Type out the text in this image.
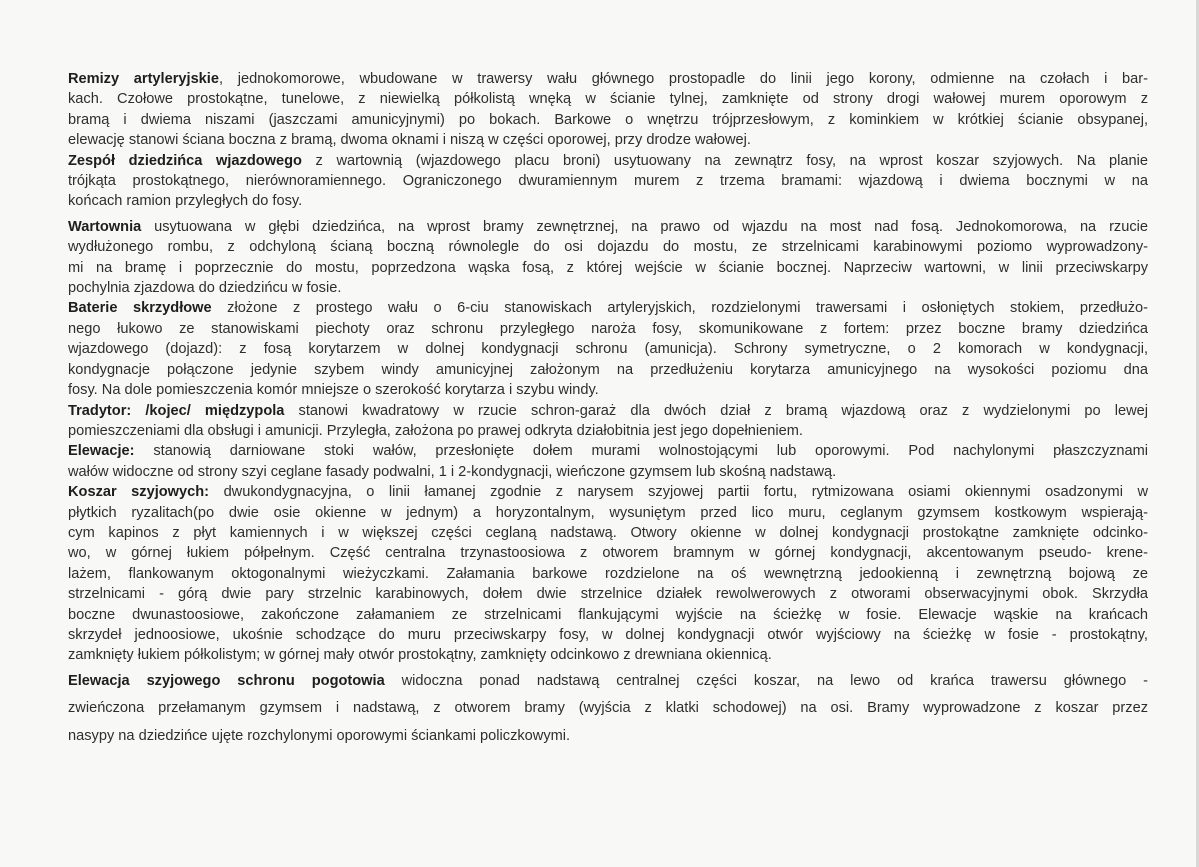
Remizy artyleryjskie, jednokomorowe, wbudowane w trawersy wału głównego prostopadle do linii jego korony, odmienne na czołach i bar-
kach. Czołowe prostokątne, tunelowe, z niewielką półkolistą wnęką w ścianie tylnej, zamknięte od strony drogi wałowej murem oporowym z
bramą i dwiema niszami (jaszczami amunicyjnymi) po bokach. Barkowe o wnętrzu trójprzesłowym, z kominkiem w krótkiej ścianie obsypanej,
elewację stanowi ściana boczna z bramą, dwoma oknami i niszą w części oporowej, przy drodze wałowej.
Zespół dziedzińca wjazdowego z wartownią (wjazdowego placu broni) usytuowany na zewnątrz fosy, na wprost koszar szyjowych. Na planie
trójkąta prostokątnego, nierównoramiennego. Ograniczonego dwuramiennym murem z trzema bramami: wjazdową i dwiema bocznymi w na
końcach ramion przyległych do fosy.
Wartownia usytuowana w głębi dziedzińca, na wprost bramy zewnętrznej, na prawo od wjazdu na most nad fosą. Jednokomorowa, na rzucie
wydłużonego rombu, z odchyloną ścianą boczną równolegle do osi dojazdu do mostu, ze strzelnicami karabinowymi poziomo wyprowadzony-
mi na bramę i poprzecznie do mostu, poprzedzona wąska fosą, z której wejście w ścianie bocznej. Naprzeciw wartowni, w linii przeciwskarpy
pochylnia zjazdowa do dziedzińcu w fosie.
Baterie skrzydłowe złożone z prostego wału o 6-ciu stanowiskach artyleryjskich, rozdzielonymi trawersami i osłoniętych stokiem, przedłużo-
nego łukowo ze stanowiskami piechoty oraz schronu przyległego naroża fosy, skomunikowane z fortem: przez boczne bramy dziedzińca
wjazdowego (dojazd): z fosą korytarzem w dolnej kondygnacji schronu (amunicja). Schrony symetryczne, o 2 komorach w kondygnacji,
kondygnacje połączone jedynie szybem windy amunicyjnej założonym na przedłużeniu korytarza amunicyjnego na wysokości poziomu dna
fosy. Na dole pomieszczenia komór mniejsze o szerokość korytarza i szybu windy.
Tradytor: /kojec/ międzypola stanowi kwadratowy w rzucie schron-garaż dla dwóch dział z bramą wjazdową oraz z wydzielonymi po lewej
pomieszczeniami dla obsługi i amunicji. Przyległa, założona po prawej odkryta działobitnia jest jego dopełnieniem.
Elewacje: stanowią darniowane stoki wałów, przesłonięte dołem murami wolnostojącymi lub oporowymi. Pod nachylonymi płaszczyznami
wałów widoczne od strony szyi ceglane fasady podwalni, 1 i 2-kondygnacji, wieńczone gzymsem lub skośną nadstawą.
Koszar szyjowych: dwukondygnacyjna, o linii łamanej zgodnie z narysem szyjowej partii fortu, rytmizowana osiami okiennymi osadzonymi w
płytkich ryzalitach(po dwie osie okienne w jednym) a horyzontalnym, wysuniętym przed lico muru, ceglanym gzymsem kostkowym wspierają-
cym kapinos z płyt kamiennych i w większej części ceglaną nadstawą. Otwory okienne w dolnej kondygnacji prostokątne zamknięte odcinko-
wo, w górnej łukiem półpełnym. Część centralna trzynastoosiowa z otworem bramnym w górnej kondygnacji, akcentowanym pseudo- krene-
lażem, flankowanym oktogonalnymi wieżyczkami. Załamania barkowe rozdzielone na oś wewnętrzną jedookienną i zewnętrzną bojową ze
strzelnicami - górą dwie pary strzelnic karabinowych, dołem dwie strzelnice działek rewolwerowych z otworami obserwacyjnymi obok. Skrzydła
boczne dwunastoosiowe, zakończone załamaniem ze strzelnicami flankującymi wyjście na ścieżkę w fosie. Elewacje wąskie na krańcach
skrzydeł jednoosiowe, ukośnie schodzące do muru przeciwskarpy fosy, w dolnej kondygnacji otwór wyjściowy na ścieżkę w fosie - prostokątny,
zamknięty łukiem półkolistym; w górnej mały otwór prostokątny, zamknięty odcinkowo z drewniana okiennicą.
Elewacja szyjowego schronu pogotowia widoczna ponad nadstawą centralnej części koszar, na lewo od krańca trawersu głównego -
zwieńczona przełamanym gzymsem i nadstawą, z otworem bramy (wyjścia z klatki schodowej) na osi. Bramy wyprowadzone z koszar przez
nasypy na dziedzińce ujęte rozchylonymi oporowymi ściankami policzkowymi.
